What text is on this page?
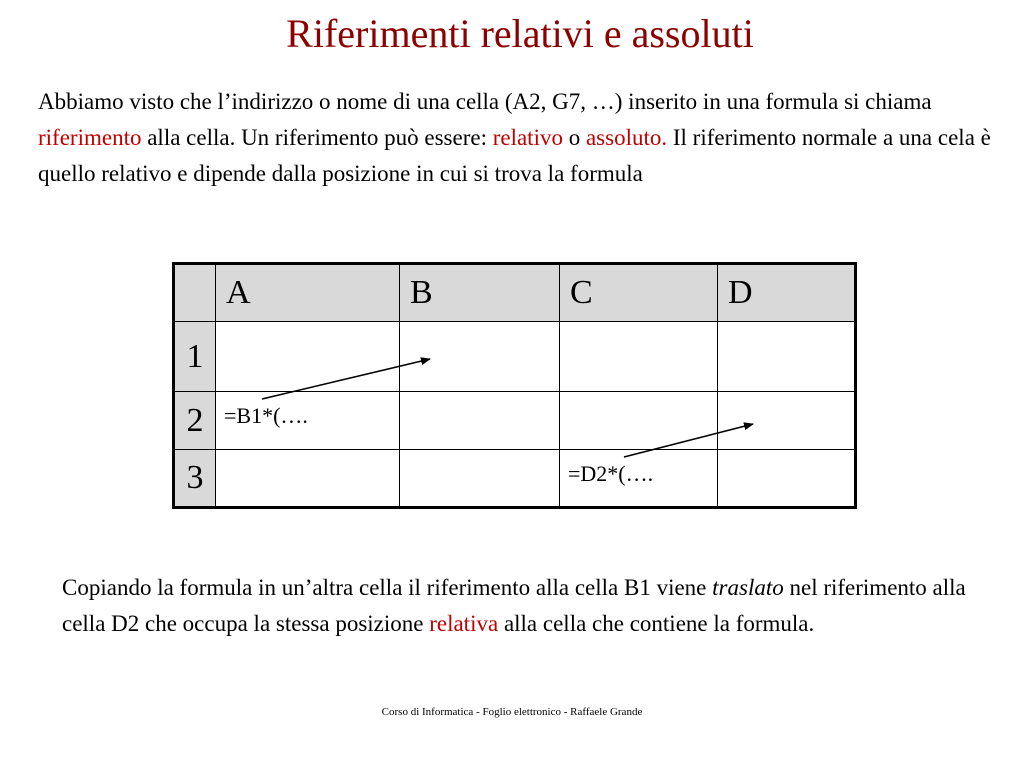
Riferimenti relativi e assoluti
Abbiamo visto che l’indirizzo o nome di una cella (A2, G7, …) inserito in una formula si chiama riferimento alla cella. Un riferimento può essere: relativo o assoluto. Il riferimento normale a una cela è quello relativo e dipende dalla posizione in cui si trova la formula
	A	B	C	D
1				
2	=B1*(….			
3			=D2*(….	
Copiando la formula in un’altra cella il riferimento alla cella B1 viene traslato nel riferimento alla cella D2 che occupa la stessa posizione relativa alla cella che contiene la formula.
Corso di Informatica - Foglio elettronico - Raffaele Grande
